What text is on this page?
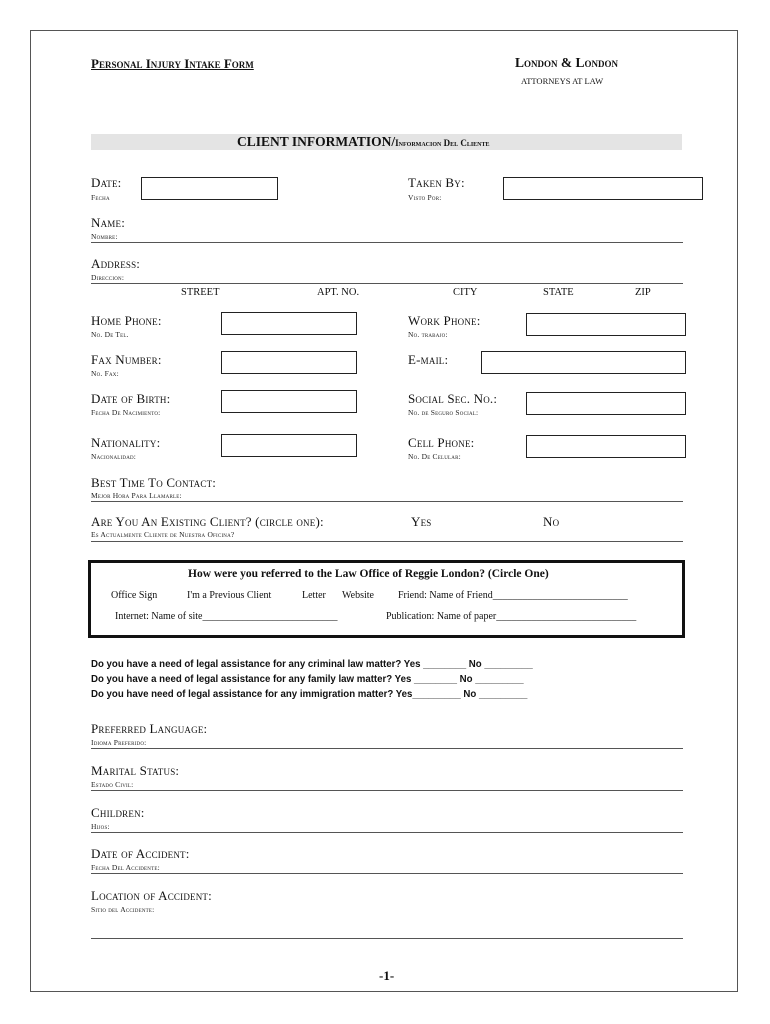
Personal Injury Intake Form	London & London
ATTORNEYS AT LAW
CLIENT INFORMATION/Informacion Del Cliente
Date:
Fecha
Taken By:
Visto Por:
Name:
Nombre:
Address:
Direccion:
STREET	APT. NO.	CITY	STATE	ZIP
Home Phone:
No. De Tel.
Work Phone:
No. trabajo:
Fax Number:
No. Fax:
E-mail:
Date of Birth:
Fecha De Nacimiento:
Social Sec. No.:
No. de Seguro Social:
Nationality:
Nacionalidad:
Cell Phone:
No. De Celular:
Best Time To Contact:
Mejor Hora Para Llamarle:
Are You An Existing Client? (circle one):
Es Actualmente Cliente de Nuestra Oficina?
Yes	No
How were you referred to the Law Office of Reggie London? (Circle One)
Office Sign	I'm a Previous Client	Letter Website Friend: Name of Friend___________________________
Internet: Name of site___________________________	Publication: Name of paper____________________________
Do you have a need of legal assistance for any criminal law matter? Yes ________ No _________
Do you have a need of legal assistance for any family law matter? Yes ________ No _________
Do you have need of legal assistance for any immigration matter? Yes_________ No _________
Preferred Language:
Idioma Preferido:
Marital Status:
Estado Civil:
Children:
Hijos:
Date of Accident:
Fecha Del Accidente:
Location of Accident:
Sitio del Accidente:
-1-
